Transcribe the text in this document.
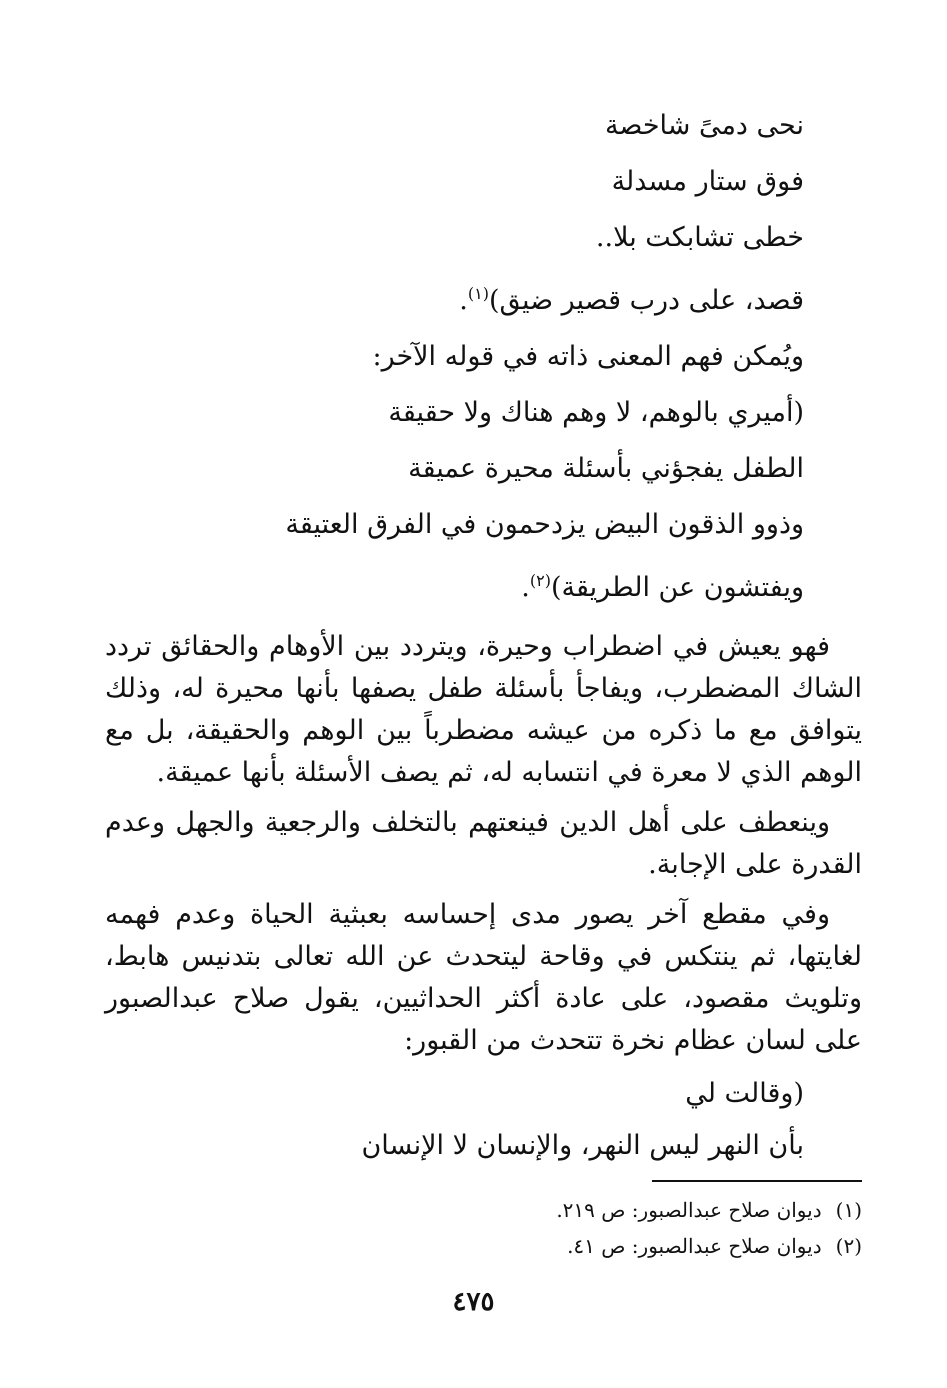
نحى دمىً شاخصة
فوق ستار مسدلة
خطى تشابكت بلا..
قصد، على درب قصير ضيق)$^{(١)}$.
ويُمكن فهم المعنى ذاته في قوله الآخر:
(أميري بالوهم، لا وهم هناك ولا حقيقة
الطفل يفجؤني بأسئلة محيرة عميقة
وذوو الذقون البيض يزدحمون في الفرق العتيقة
ويفتشون عن الطريقة)$^{(٢)}$.

فهو يعيش في اضطراب وحيرة، ويتردد بين الأوهام والحقائق تردد الشاك المضطرب، ويفاجأ بأسئلة طفل يصفها بأنها محيرة له، وذلك يتوافق مع ما ذكره من عيشه مضطرباً بين الوهم والحقيقة، بل مع الوهم الذي لا معرة في انتسابه له، ثم يصف الأسئلة بأنها عميقة.

وينعطف على أهل الدين فينعتهم بالتخلف والرجعية والجهل وعدم القدرة على الإجابة.

وفي مقطع آخر يصور مدى إحساسه بعبثية الحياة وعدم فهمه لغايتها، ثم ينتكس في وقاحة ليتحدث عن الله تعالى بتدنيس هابط، وتلويث مقصود، على عادة أكثر الحداثيين، يقول صلاح عبدالصبور على لسان عظام نخرة تتحدث من القبور:

(وقالت لي
بأن النهر ليس النهر، والإنسان لا الإنسان
(١)ديوان صلاح عبدالصبور: ص ٢١٩.
(٢)ديوان صلاح عبدالصبور: ص ٤١.
٤٧٥
